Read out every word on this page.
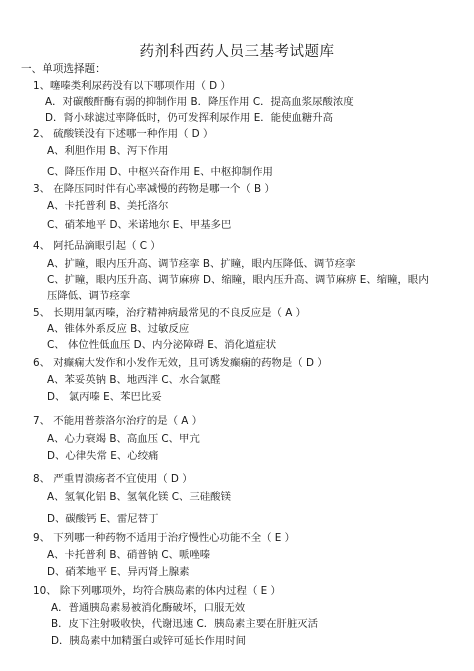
药剂科西药人员三基考试题库
一、单项选择题：
1、噻嗪类利尿药没有以下哪项作用（ D ）
A．对碳酸酐酶有弱的抑制作用 B．降压作用 C．提高血浆尿酸浓度
D．肾小球滤过率降低时，仍可发挥利尿作用 E．能使血糖升高
2、 硫酸镁没有下述哪一种作用（ D ）
A、利胆作用 B、泻下作用
C、降压作用 D、中枢兴奋作用 E、中枢抑制作用
3、 在降压同时伴有心率减慢的药物是哪一个（ B ）
A、卡托普利 B、美托洛尔
C、硝苯地平 D、米诺地尔 E、甲基多巴
4、 阿托品滴眼引起（ C ）
A、扩瞳，眼内压升高、调节痉挛 B、扩瞳，眼内压降低、调节痉挛
C、扩瞳，眼内压升高、调节麻痹 D、缩瞳，眼内压升高、调节麻痹 E、缩瞳，眼内
压降低、调节痉挛
5、 长期用氯丙嗪，治疗精神病最常见的不良反应是（ A ）
A、锥体外系反应 B、过敏反应
C、 体位性低血压 D、内分泌障碍 E、消化道症状
6、 对癫痫大发作和小发作无效，且可诱发癫痫的药物是（ D ）
A、苯妥英钠 B、地西泮 C、水合氯醛
D、 氯丙嗪 E、苯巴比妥
7、 不能用普萘洛尔治疗的是（ A ）
A、心力衰竭 B、高血压 C、甲亢
D、心律失常 E、心绞痛
8、 严重胃溃疡者不宜使用（ D ）
A、氢氧化铝 B、氢氧化镁 C、三硅酸镁
D、碳酸钙 E、雷尼替丁
9、 下列哪一种药物不适用于治疗慢性心功能不全（ E ）
A、卡托普利 B、硝普钠 C、哌唑嗪
D、硝苯地平 E、异丙肾上腺素
10、 除下列哪项外，均符合胰岛素的体内过程（ E ）
A．普通胰岛素易被消化酶破坏，口服无效
B．皮下注射吸收快，代谢迅速 C．胰岛素主要在肝脏灭活
D．胰岛素中加精蛋白或锌可延长作用时间
